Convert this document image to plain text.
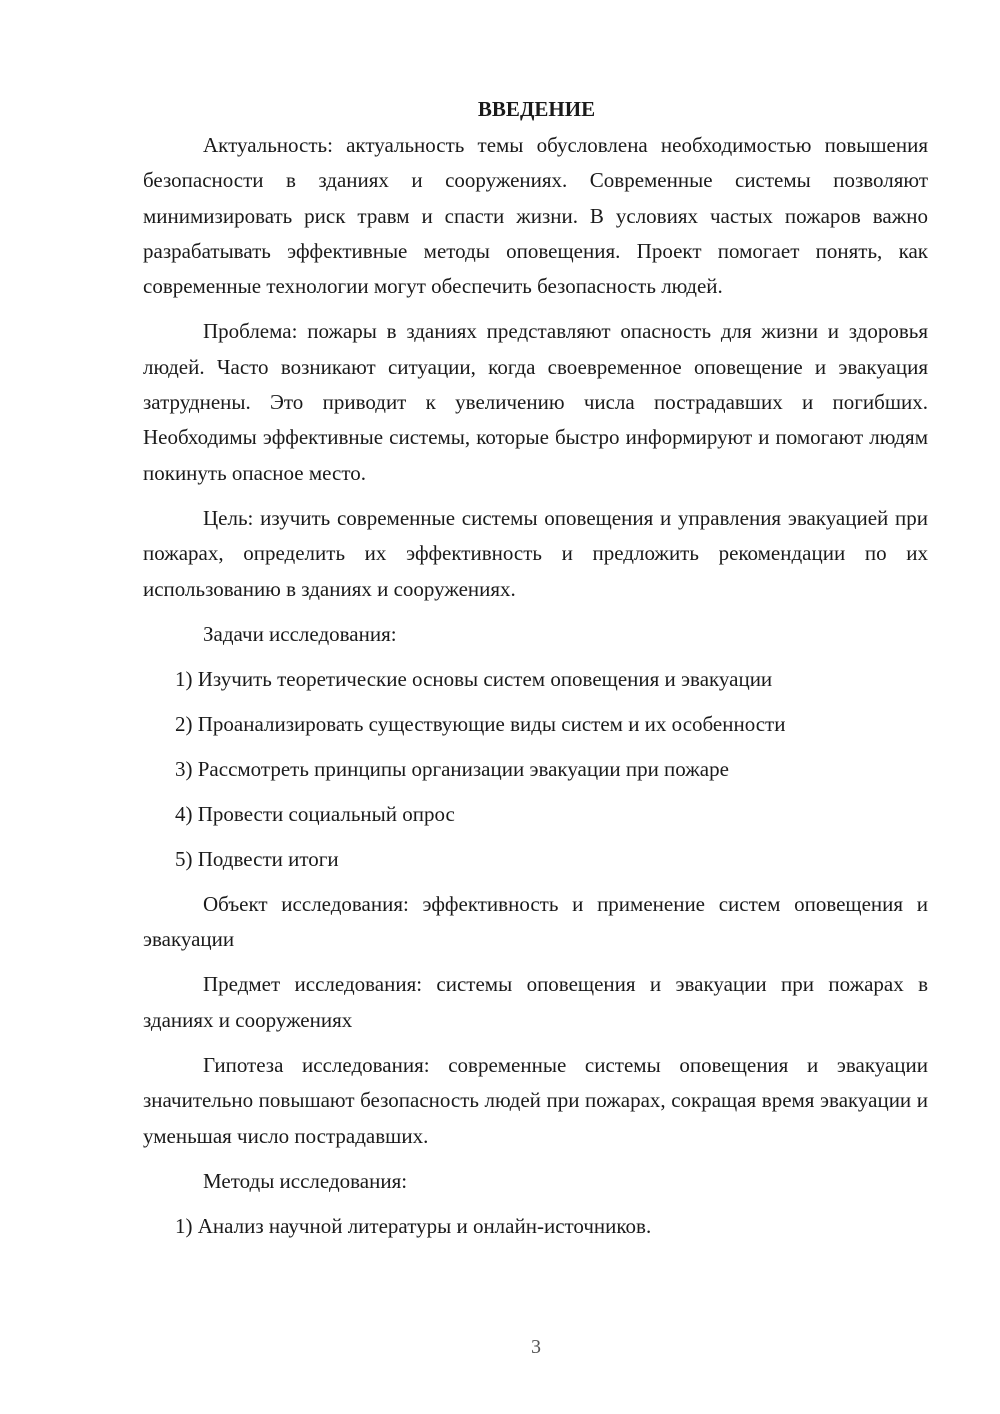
ВВЕДЕНИЕ

Актуальность: актуальность темы обусловлена необходимостью повышения безопасности в зданиях и сооружениях. Современные системы позволяют минимизировать риск травм и спасти жизни. В условиях частых пожаров важно разрабатывать эффективные методы оповещения. Проект помогает понять, как современные технологии могут обеспечить безопасность людей.

Проблема: пожары в зданиях представляют опасность для жизни и здоровья людей. Часто возникают ситуации, когда своевременное оповещение и эвакуация затруднены. Это приводит к увеличению числа пострадавших и погибших. Необходимы эффективные системы, которые быстро информируют и помогают людям покинуть опасное место.

Цель: изучить современные системы оповещения и управления эвакуацией при пожарах, определить их эффективность и предложить рекомендации по их использованию в зданиях и сооружениях.

Задачи исследования:

1) Изучить теоретические основы систем оповещения и эвакуации
2) Проанализировать существующие виды систем и их особенности
3) Рассмотреть принципы организации эвакуации при пожаре
4) Провести социальный опрос
5) Подвести итоги

Объект исследования: эффективность и применение систем оповещения и эвакуации

Предмет исследования: системы оповещения и эвакуации при пожарах в зданиях и сооружениях

Гипотеза исследования: современные системы оповещения и эвакуации значительно повышают безопасность людей при пожарах, сокращая время эвакуации и уменьшая число пострадавших.

Методы исследования:

1) Анализ научной литературы и онлайн-источников.
3
